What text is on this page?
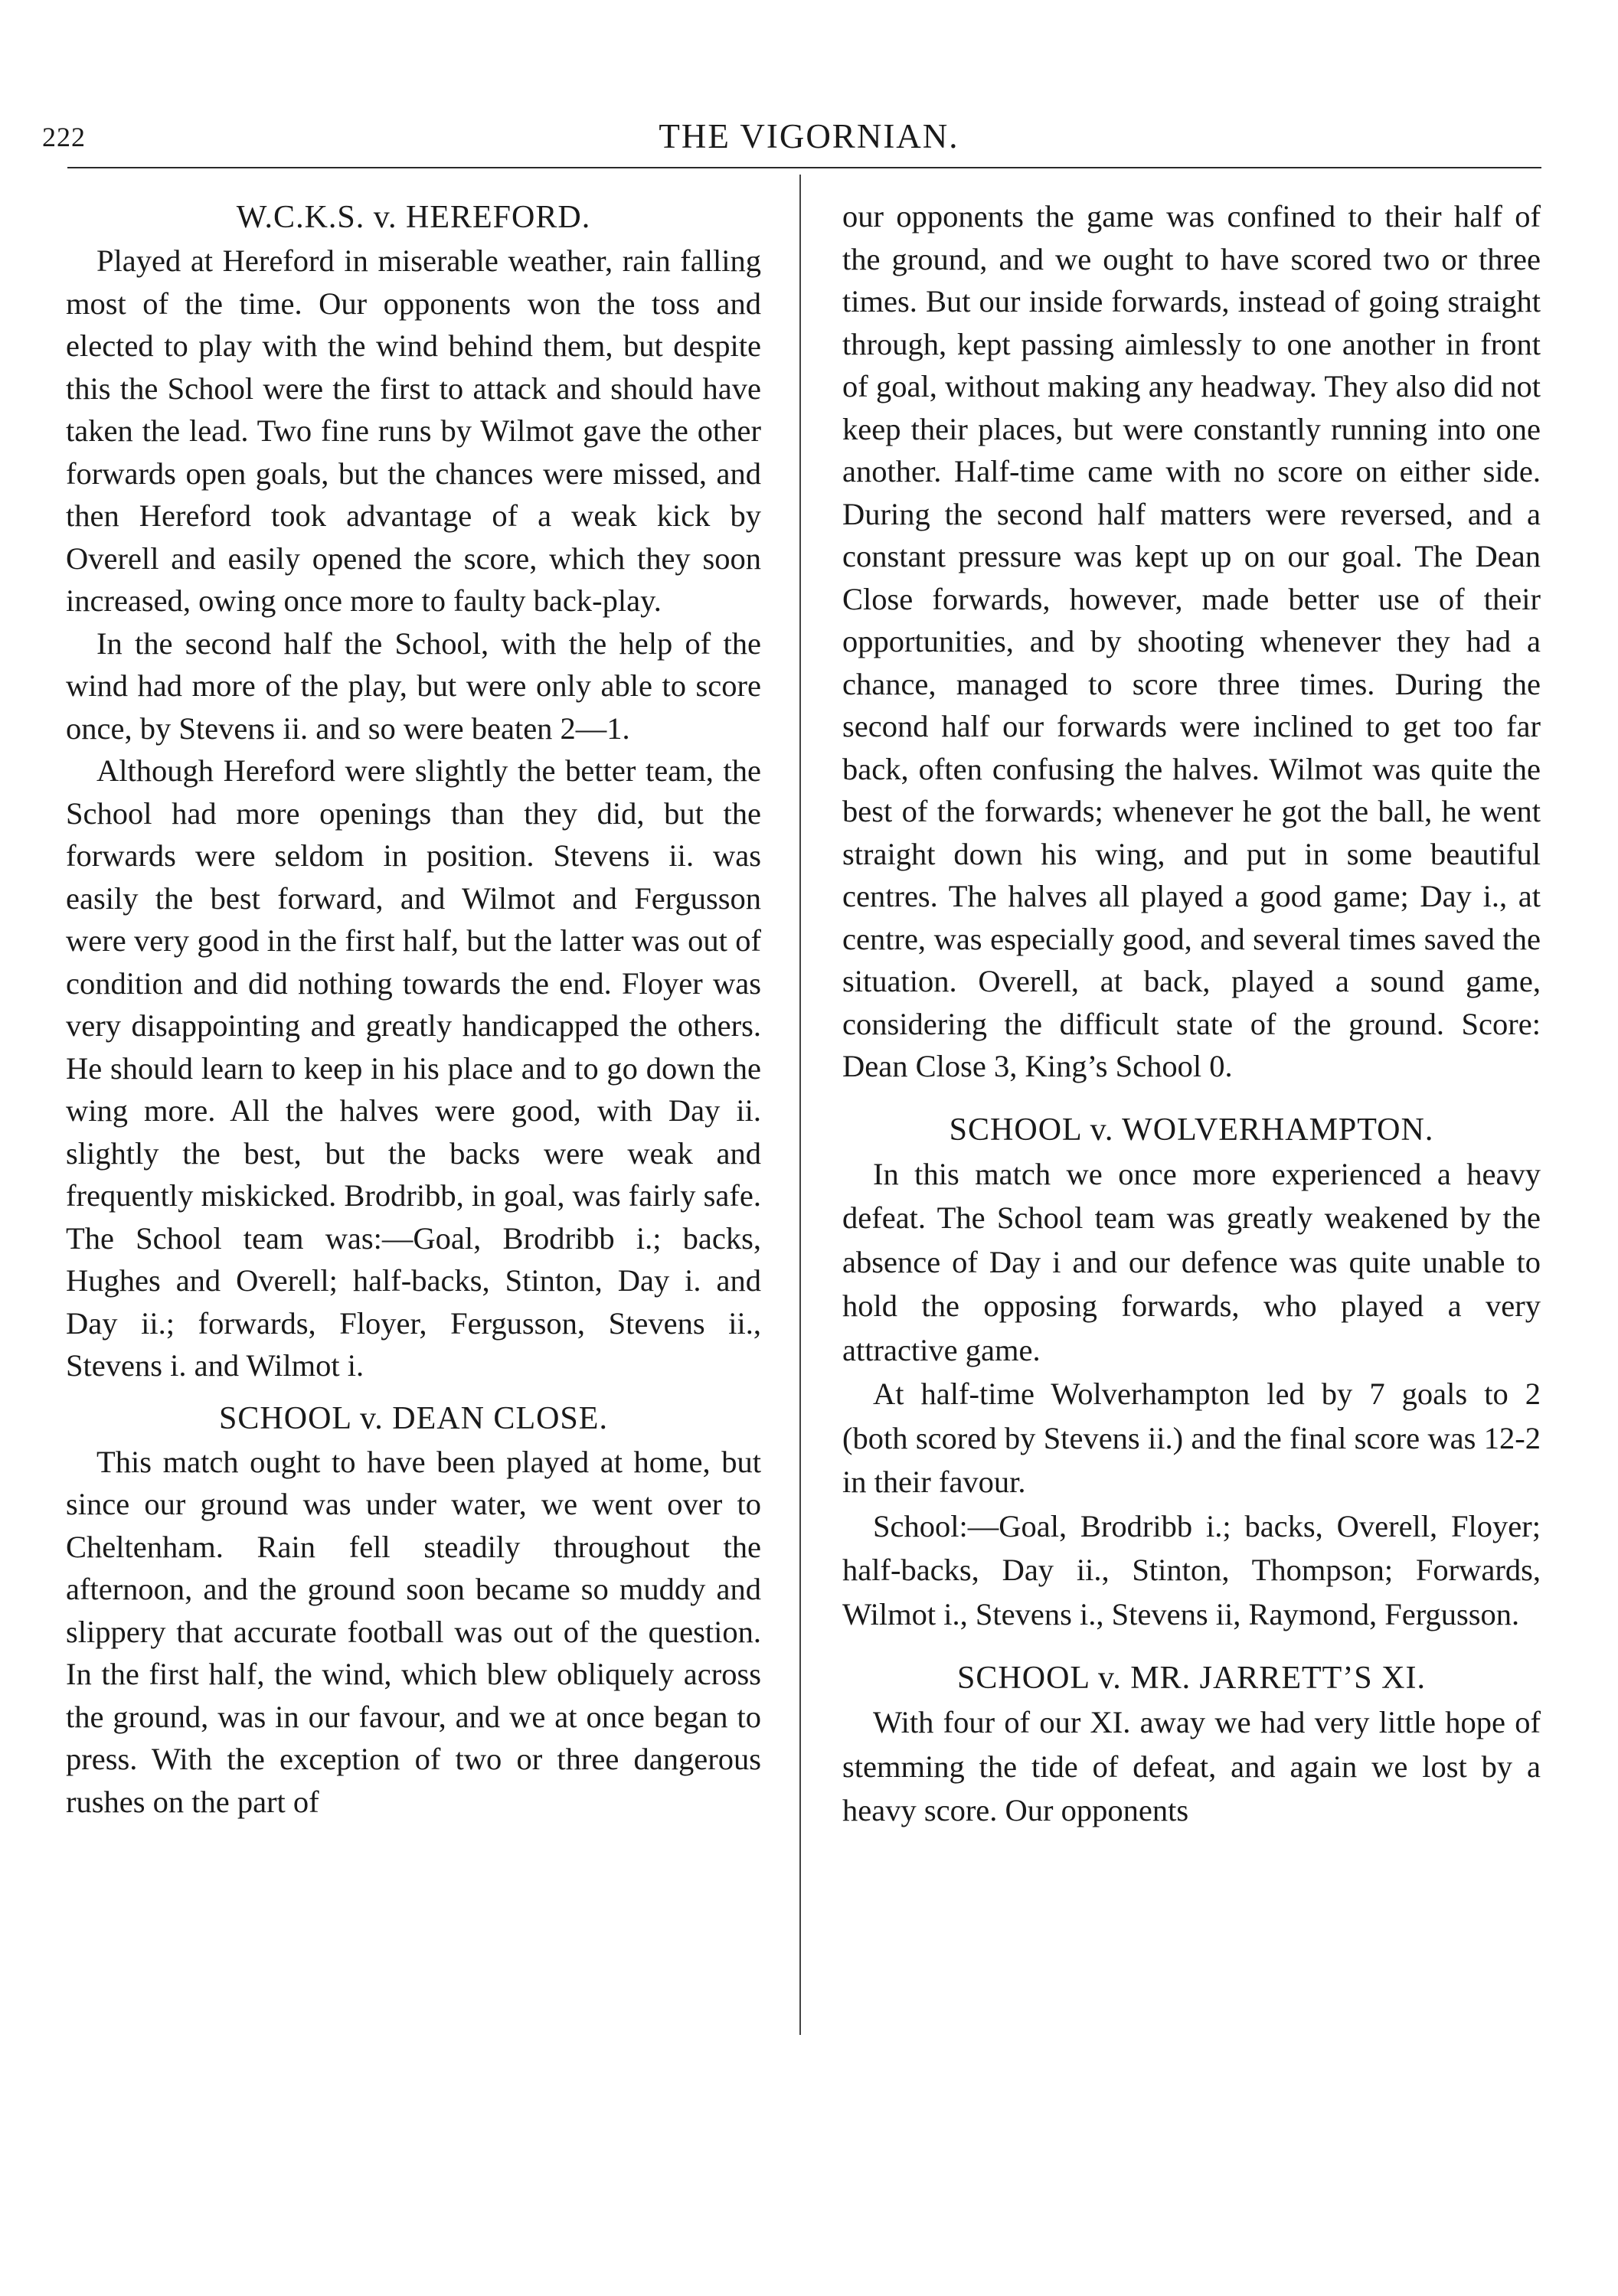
222	THE VIGORNIAN.
W.C.K.S. v. HEREFORD.

Played at Hereford in miserable weather, rain falling most of the time. Our opponents won the toss and elected to play with the wind behind them, but despite this the School were the first to attack and should have taken the lead. Two fine runs by Wilmot gave the other forwards open goals, but the chances were missed, and then Hereford took advantage of a weak kick by Overell and easily opened the score, which they soon increased, owing once more to faulty back-play.

In the second half the School, with the help of the wind had more of the play, but were only able to score once, by Stevens ii. and so were beaten 2—1.

Although Hereford were slightly the better team, the School had more openings than they did, but the forwards were seldom in position. Stevens ii. was easily the best forward, and Wilmot and Fergusson were very good in the first half, but the latter was out of condition and did nothing towards the end. Floyer was very disappointing and greatly handicapped the others. He should learn to keep in his place and to go down the wing more. All the halves were good, with Day ii. slightly the best, but the backs were weak and frequently miskicked. Brodribb, in goal, was fairly safe. The School team was:—Goal, Brodribb i.; backs, Hughes and Overell; half-backs, Stinton, Day i. and Day ii.; forwards, Floyer, Fergusson, Stevens ii., Stevens i. and Wilmot i.

SCHOOL v. DEAN CLOSE.

This match ought to have been played at home, but since our ground was under water, we went over to Cheltenham. Rain fell steadily throughout the afternoon, and the ground soon became so muddy and slippery that accurate football was out of the question. In the first half, the wind, which blew obliquely across the ground, was in our favour, and we at once began to press. With the exception of two or three dangerous rushes on the part of

our opponents the game was confined to their half of the ground, and we ought to have scored two or three times. But our inside forwards, instead of going straight through, kept passing aimlessly to one another in front of goal, without making any headway. They also did not keep their places, but were constantly running into one another. Half-time came with no score on either side. During the second half matters were reversed, and a constant pressure was kept up on our goal. The Dean Close forwards, however, made better use of their opportunities, and by shooting whenever they had a chance, managed to score three times. During the second half our forwards were inclined to get too far back, often confusing the halves. Wilmot was quite the best of the forwards; whenever he got the ball, he went straight down his wing, and put in some beautiful centres. The halves all played a good game; Day i., at centre, was especially good, and several times saved the situation. Overell, at back, played a sound game, considering the difficult state of the ground. Score: Dean Close 3, King’s School 0.

SCHOOL v. WOLVERHAMPTON.

In this match we once more experienced a heavy defeat. The School team was greatly weakened by the absence of Day i and our defence was quite unable to hold the opposing forwards, who played a very attractive game.

At half-time Wolverhampton led by 7 goals to 2 (both scored by Stevens ii.) and the final score was 12-2 in their favour.

School:—Goal, Brodribb i.; backs, Overell, Floyer; half-backs, Day ii., Stinton, Thompson; Forwards, Wilmot i., Stevens i., Stevens ii, Raymond, Fergusson.

SCHOOL v. MR. JARRETT’S XI.

With four of our XI. away we had very little hope of stemming the tide of defeat, and again we lost by a heavy score. Our opponents
